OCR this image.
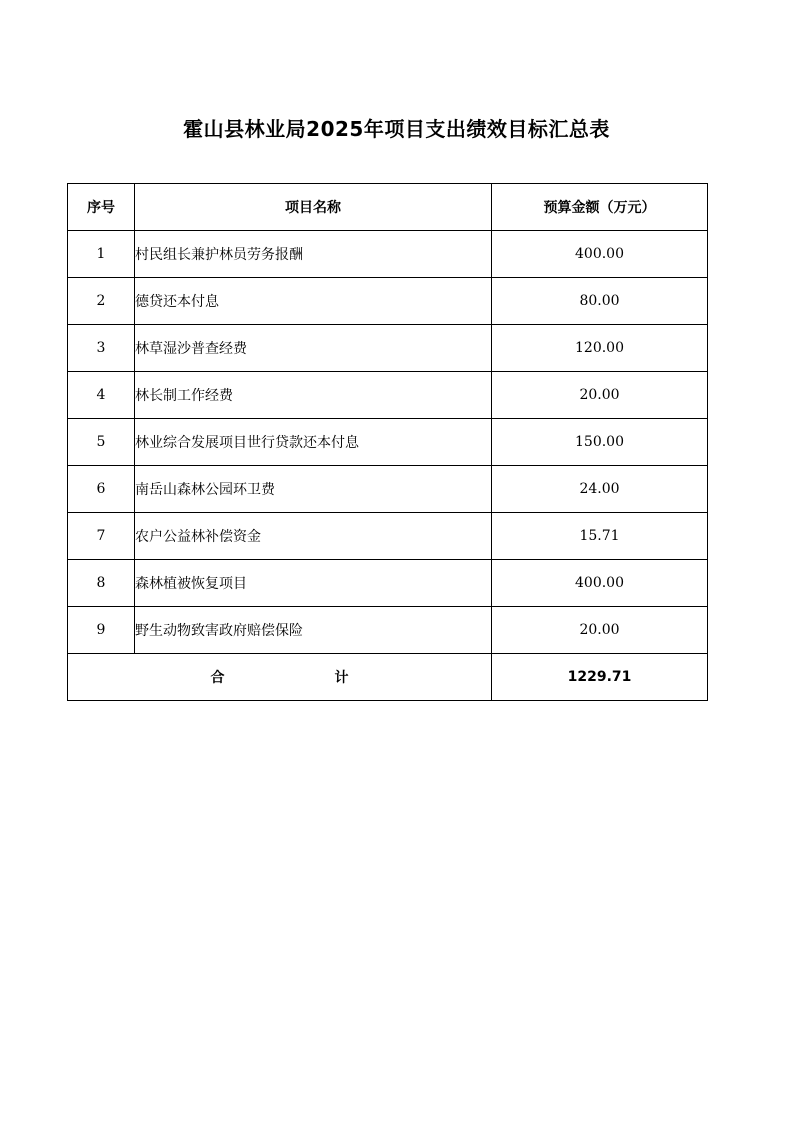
霍山县林业局2025年项目支出绩效目标汇总表
序号	项目名称	预算金额（万元）
1	村民组长兼护林员劳务报酬	400.00
2	德贷还本付息	80.00
3	林草湿沙普查经费	120.00
4	林长制工作经费	20.00
5	林业综合发展项目世行贷款还本付息	150.00
6	南岳山森林公园环卫费	24.00
7	农户公益林补偿资金	15.71
8	森林植被恢复项目	400.00
9	野生动物致害政府赔偿保险	20.00
合 计		1229.71
